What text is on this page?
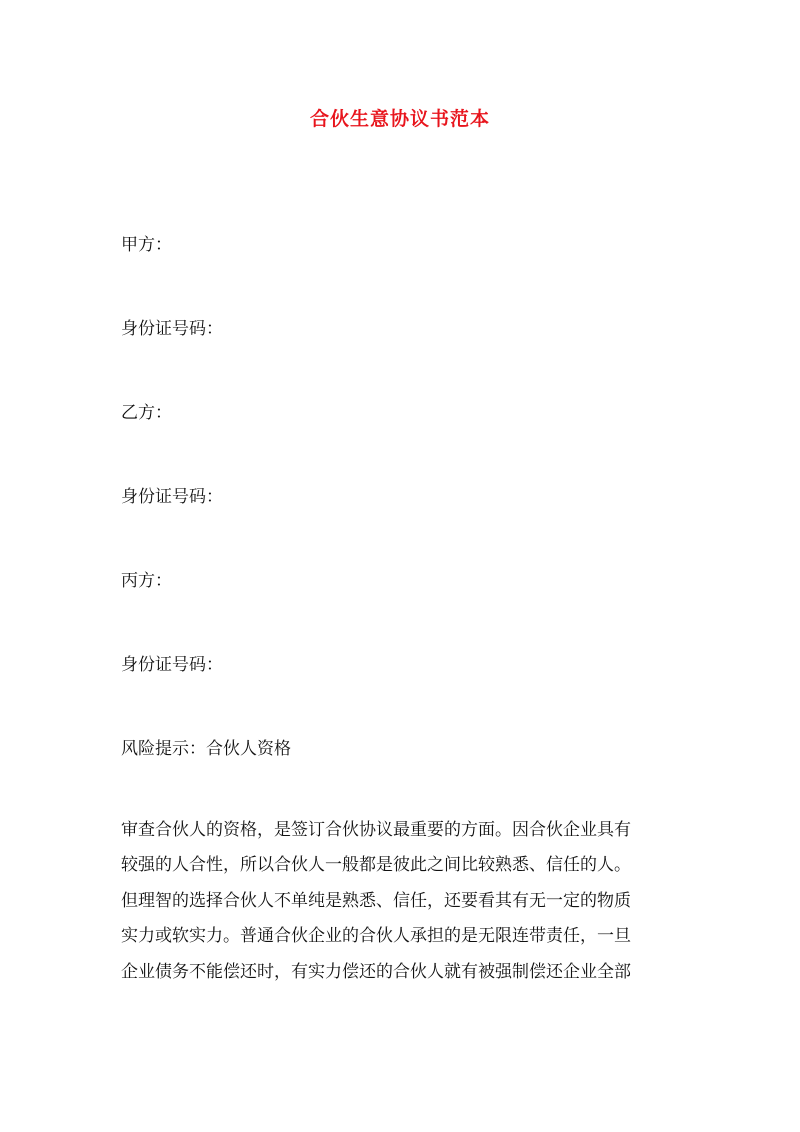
合伙生意协议书范本
甲方：
身份证号码：
乙方：
身份证号码：
丙方：
身份证号码：
风险提示：合伙人资格
审查合伙人的资格，是签订合伙协议最重要的方面。因合伙企业具有
较强的人合性，所以合伙人一般都是彼此之间比较熟悉、信任的人。
但理智的选择合伙人不单纯是熟悉、信任，还要看其有无一定的物质
实力或软实力。普通合伙企业的合伙人承担的是无限连带责任，一旦
企业债务不能偿还时，有实力偿还的合伙人就有被强制偿还企业全部
